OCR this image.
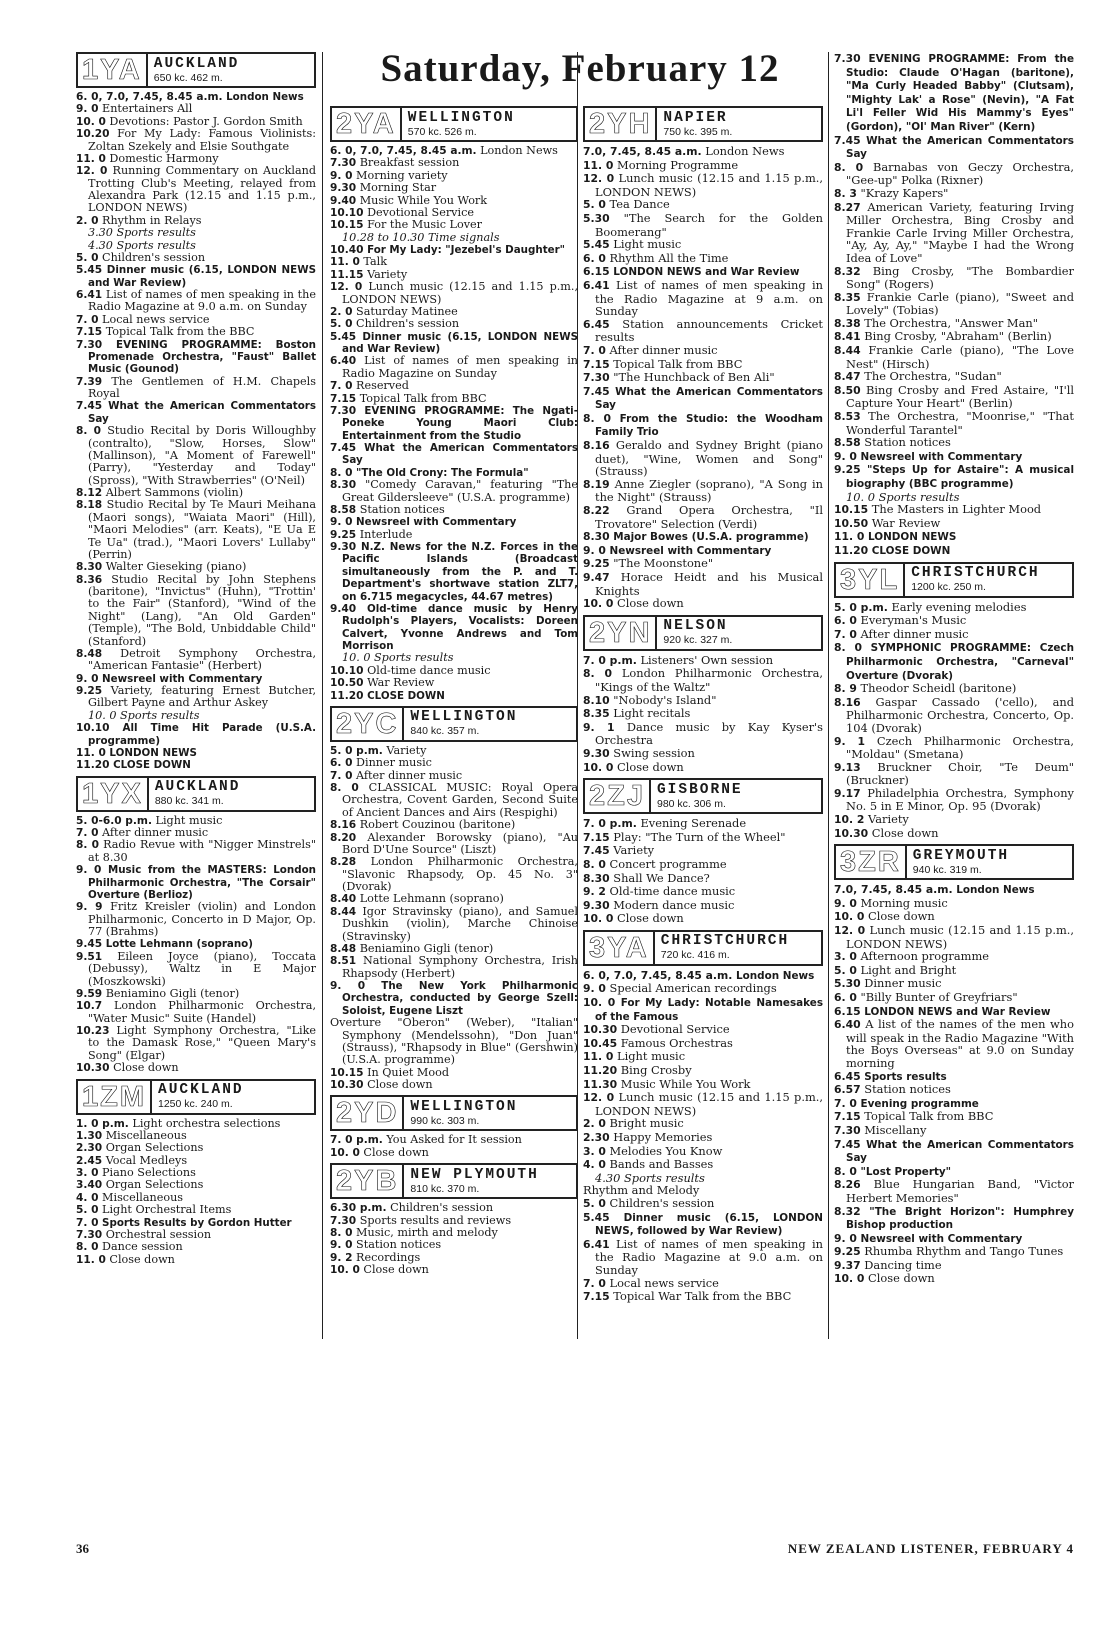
Saturday, February 12
1YA AUCKLAND
650 kc. 462 m.

6. 0, 7.0, 7.45, 8.45 a.m. London News

9. 0 Entertainers All

10. 0 Devotions: Pastor J. Gordon Smith

10.20 For My Lady: Famous Violinists: Zoltan Szekely and Elsie Southgate

11. 0 Domestic Harmony

12. 0 Running Commentary on Auckland Trotting Club's Meeting, relayed from Alexandra Park (12.15 and 1.15 p.m., LONDON NEWS)

2. 0 Rhythm in Relays

3.30 Sports results

4.30 Sports results

5. 0 Children's session

5.45 Dinner music (6.15, LONDON NEWS and War Review)

6.41 List of names of men speaking in the Radio Magazine at 9.0 a.m. on Sunday

7. 0 Local news service

7.15 Topical Talk from the BBC

7.30 EVENING PROGRAMME: Boston Promenade Orchestra, "Faust" Ballet Music (Gounod)

7.39 The Gentlemen of H.M. Chapels Royal

7.45 What the American Commentators Say

8. 0 Studio Recital by Doris Willoughby (contralto), "Slow, Horses, Slow" (Mallinson), "A Moment of Farewell" (Parry), "Yesterday and Today" (Spross), "With Strawberries" (O'Neil)

8.12 Albert Sammons (violin)

8.18 Studio Recital by Te Mauri Meihana (Maori songs), "Waiata Maori" (Hill), "Maori Melodies" (arr. Keats), "E Ua E Te Ua" (trad.), "Maori Lovers' Lullaby" (Perrin)

8.30 Walter Gieseking (piano)

8.36 Studio Recital by John Stephens (baritone), "Invictus" (Huhn), "Trottin' to the Fair" (Stanford), "Wind of the Night" (Lang), "An Old Garden" (Temple), "The Bold, Unbiddable Child" (Stanford)

8.48 Detroit Symphony Orchestra, "American Fantasie" (Herbert)

9. 0 Newsreel with Commentary

9.25 Variety, featuring Ernest Butcher, Gilbert Payne and Arthur Askey

10. 0 Sports results

10.10 All Time Hit Parade (U.S.A. programme)

11. 0 LONDON NEWS

11.20 CLOSE DOWN

1YX AUCKLAND
880 kc. 341 m.

5. 0-6.0 p.m. Light music

7. 0 After dinner music

8. 0 Radio Revue with "Nigger Minstrels" at 8.30

9. 0 Music from the MASTERS: London Philharmonic Orchestra, "The Corsair" Overture (Berlioz)

9. 9 Fritz Kreisler (violin) and London Philharmonic, Concerto in D Major, Op. 77 (Brahms)

9.45 Lotte Lehmann (soprano)

9.51 Eileen Joyce (piano), Toccata (Debussy), Waltz in E Major (Moszkowski)

9.59 Beniamino Gigli (tenor)

10.7 London Philharmonic Orchestra, "Water Music" Suite (Handel)

10.23 Light Symphony Orchestra, "Like to the Damask Rose," "Queen Mary's Song" (Elgar)

10.30 Close down

1ZM AUCKLAND
1250 kc. 240 m.

1. 0 p.m. Light orchestra selections

1.30 Miscellaneous

2.30 Organ Selections

2.45 Vocal Medleys

3. 0 Piano Selections

3.40 Organ Selections

4. 0 Miscellaneous

5. 0 Light Orchestral Items

7. 0 Sports Results by Gordon Hutter

7.30 Orchestral session

8. 0 Dance session

11. 0 Close down

2YA WELLINGTON
570 kc. 526 m.

6. 0, 7.0, 7.45, 8.45 a.m. London News

7.30 Breakfast session

9. 0 Morning variety

9.30 Morning Star

9.40 Music While You Work

10.10 Devotional Service

10.15 For the Music Lover

10.28 to 10.30 Time signals

10.40 For My Lady: "Jezebel's Daughter"

11. 0 Talk

11.15 Variety

12. 0 Lunch music (12.15 and 1.15 p.m., LONDON NEWS)

2. 0 Saturday Matinee

5. 0 Children's session

5.45 Dinner music (6.15, LONDON NEWS and War Review)

6.40 List of names of men speaking in Radio Magazine on Sunday

7. 0 Reserved

7.15 Topical Talk from BBC

7.30 EVENING PROGRAMME: The Ngati-Poneke Young Maori Club: Entertainment from the Studio

7.45 What the American Commentators Say

8. 0 "The Old Crony: The Formula"

8.30 "Comedy Caravan," featuring "The Great Gildersleeve" (U.S.A. programme)

8.58 Station notices

9. 0 Newsreel with Commentary

9.25 Interlude

9.30 N.Z. News for the N.Z. Forces in the Pacific Islands (Broadcast simultaneously from the P. and T. Department's shortwave station ZLT7, on 6.715 megacycles, 44.67 metres)

9.40 Old-time dance music by Henry Rudolph's Players, Vocalists: Doreen Calvert, Yvonne Andrews and Tom Morrison

10. 0 Sports results

10.10 Old-time dance music

10.50 War Review

11.20 CLOSE DOWN

2YC WELLINGTON
840 kc. 357 m.

5. 0 p.m. Variety

6. 0 Dinner music

7. 0 After dinner music

8. 0 CLASSICAL MUSIC: Royal Opera Orchestra, Covent Garden, Second Suite of Ancient Dances and Airs (Respighi)

8.16 Robert Couzinou (baritone)

8.20 Alexander Borowsky (piano), "Au Bord D'Une Source" (Liszt)

8.28 London Philharmonic Orchestra, "Slavonic Rhapsody, Op. 45 No. 3" (Dvorak)

8.40 Lotte Lehmann (soprano)

8.44 Igor Stravinsky (piano), and Samuel Dushkin (violin), Marche Chinoise (Stravinsky)

8.48 Beniamino Gigli (tenor)

8.51 National Symphony Orchestra, Irish Rhapsody (Herbert)

9. 0 The New York Philharmonic Orchestra, conducted by George Szell: Soloist, Eugene Liszt

Overture "Oberon" (Weber), "Italian" Symphony (Mendelssohn), "Don Juan" (Strauss), "Rhapsody in Blue" (Gershwin) (U.S.A. programme)

10.15 In Quiet Mood

10.30 Close down

2YD WELLINGTON
990 kc. 303 m.

7. 0 p.m. You Asked for It session

10. 0 Close down

2YB NEW PLYMOUTH
810 kc. 370 m.

6.30 p.m. Children's session

7.30 Sports results and reviews

8. 0 Music, mirth and melody

9. 0 Station notices

9. 2 Recordings

10. 0 Close down

2YH NAPIER
750 kc. 395 m.

7.0, 7.45, 8.45 a.m. London News

11. 0 Morning Programme

12. 0 Lunch music (12.15 and 1.15 p.m., LONDON NEWS)

5. 0 Tea Dance

5.30 "The Search for the Golden Boomerang"

5.45 Light music

6. 0 Rhythm All the Time

6.15 LONDON NEWS and War Review

6.41 List of names of men speaking in the Radio Magazine at 9 a.m. on Sunday

6.45 Station announcements Cricket results

7. 0 After dinner music

7.15 Topical Talk from BBC

7.30 "The Hunchback of Ben Ali"

7.45 What the American Commentators Say

8. 0 From the Studio: the Woodham Family Trio

8.16 Geraldo and Sydney Bright (piano duet), "Wine, Women and Song" (Strauss)

8.19 Anne Ziegler (soprano), "A Song in the Night" (Strauss)

8.22 Grand Opera Orchestra, "Il Trovatore" Selection (Verdi)

8.30 Major Bowes (U.S.A. programme)

9. 0 Newsreel with Commentary

9.25 "The Moonstone"

9.47 Horace Heidt and his Musical Knights

10. 0 Close down

2YN NELSON
920 kc. 327 m.

7. 0 p.m. Listeners' Own session

8. 0 London Philharmonic Orchestra, "Kings of the Waltz"

8.10 "Nobody's Island"

8.35 Light recitals

9. 1 Dance music by Kay Kyser's Orchestra

9.30 Swing session

10. 0 Close down

2ZJ GISBORNE
980 kc. 306 m.

7. 0 p.m. Evening Serenade

7.15 Play: "The Turn of the Wheel"

7.45 Variety

8. 0 Concert programme

8.30 Shall We Dance?

9. 2 Old-time dance music

9.30 Modern dance music

10. 0 Close down

3YA CHRISTCHURCH
720 kc. 416 m.

6. 0, 7.0, 7.45, 8.45 a.m. London News

9. 0 Special American recordings

10. 0 For My Lady: Notable Namesakes of the Famous

10.30 Devotional Service

10.45 Famous Orchestras

11. 0 Light music

11.20 Bing Crosby

11.30 Music While You Work

12. 0 Lunch music (12.15 and 1.15 p.m., LONDON NEWS)

2. 0 Bright music

2.30 Happy Memories

3. 0 Melodies You Know

4. 0 Bands and Basses

4.30 Sports results

Rhythm and Melody

5. 0 Children's session

5.45 Dinner music (6.15, LONDON NEWS, followed by War Review)

6.41 List of names of men speaking in the Radio Magazine at 9.0 a.m. on Sunday

7. 0 Local news service

7.15 Topical War Talk from the BBC

7.30 EVENING PROGRAMME: From the Studio: Claude O'Hagan (baritone), "Ma Curly Headed Babby" (Clutsam), "Mighty Lak' a Rose" (Nevin), "A Fat Li'l Feller Wid His Mammy's Eyes" (Gordon), "Ol' Man River" (Kern)

7.45 What the American Commentators Say

8. 0 Barnabas von Geczy Orchestra, "Gee-up" Polka (Rixner)

8. 3 "Krazy Kapers"

8.27 American Variety, featuring Irving Miller Orchestra, Bing Crosby and Frankie Carle Irving Miller Orchestra, "Ay, Ay, Ay," "Maybe I had the Wrong Idea of Love"

8.32 Bing Crosby, "The Bombardier Song" (Rogers)

8.35 Frankie Carle (piano), "Sweet and Lovely" (Tobias)

8.38 The Orchestra, "Answer Man"

8.41 Bing Crosby, "Abraham" (Berlin)

8.44 Frankie Carle (piano), "The Love Nest" (Hirsch)

8.47 The Orchestra, "Sudan"

8.50 Bing Crosby and Fred Astaire, "I'll Capture Your Heart" (Berlin)

8.53 The Orchestra, "Moonrise," "That Wonderful Tarantel"

8.58 Station notices

9. 0 Newsreel with Commentary

9.25 "Steps Up for Astaire": A musical biography (BBC programme)

10. 0 Sports results

10.15 The Masters in Lighter Mood

10.50 War Review

11. 0 LONDON NEWS

11.20 CLOSE DOWN

3YL CHRISTCHURCH
1200 kc. 250 m.

5. 0 p.m. Early evening melodies

6. 0 Everyman's Music

7. 0 After dinner music

8. 0 SYMPHONIC PROGRAMME: Czech Philharmonic Orchestra, "Carneval" Overture (Dvorak)

8. 9 Theodor Scheidl (baritone)

8.16 Gaspar Cassado ('cello), and Philharmonic Orchestra, Concerto, Op. 104 (Dvorak)

9. 1 Czech Philharmonic Orchestra, "Moldau" (Smetana)

9.13 Bruckner Choir, "Te Deum" (Bruckner)

9.17 Philadelphia Orchestra, Symphony No. 5 in E Minor, Op. 95 (Dvorak)

10. 2 Variety

10.30 Close down

3ZR GREYMOUTH
940 kc. 319 m.

7.0, 7.45, 8.45 a.m. London News

9. 0 Morning music

10. 0 Close down

12. 0 Lunch music (12.15 and 1.15 p.m., LONDON NEWS)

3. 0 Afternoon programme

5. 0 Light and Bright

5.30 Dinner music

6. 0 "Billy Bunter of Greyfriars"

6.15 LONDON NEWS and War Review

6.40 A list of the names of the men who will speak in the Radio Magazine "With the Boys Overseas" at 9.0 on Sunday morning

6.45 Sports results

6.57 Station notices

7. 0 Evening programme

7.15 Topical Talk from BBC

7.30 Miscellany

7.45 What the American Commentators Say

8. 0 "Lost Property"

8.26 Blue Hungarian Band, "Victor Herbert Memories"

8.32 "The Bright Horizon": Humphrey Bishop production

9. 0 Newsreel with Commentary

9.25 Rhumba Rhythm and Tango Tunes

9.37 Dancing time

10. 0 Close down

36	NEW ZEALAND LISTENER, FEBRUARY 4
